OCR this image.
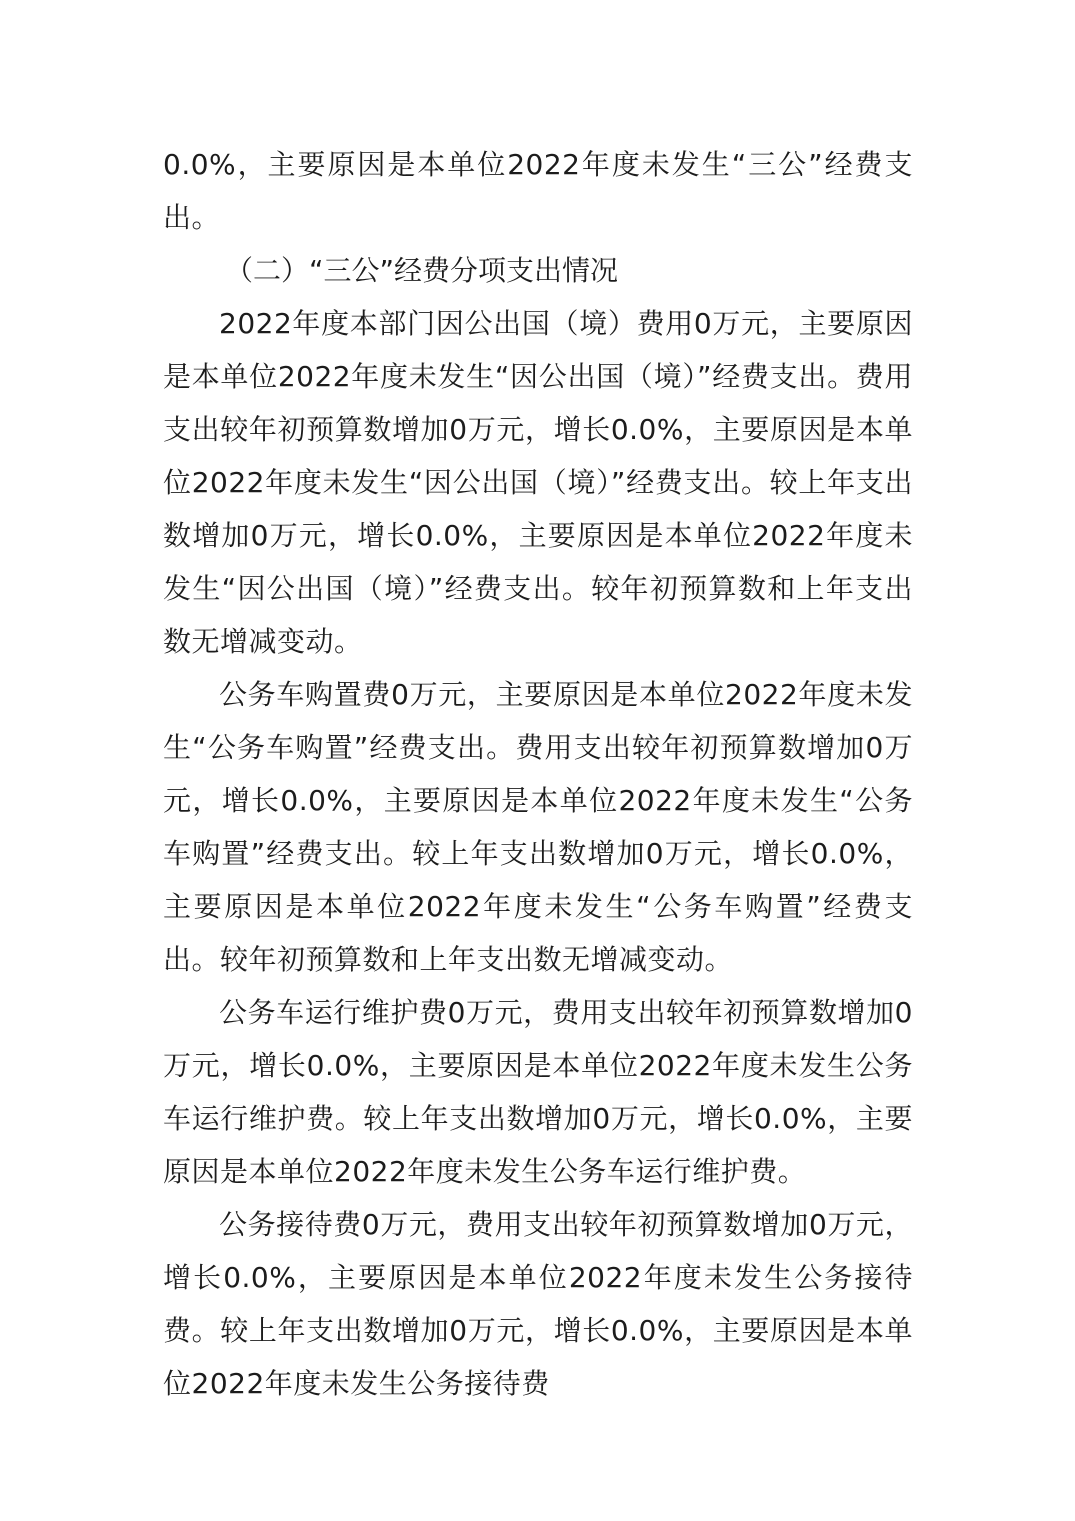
0.0%，主要原因是本单位2022年度未发生“三公”经费支出。

（二）“三公”经费分项支出情况

2022年度本部门因公出国（境）费用0万元，主要原因是本单位2022年度未发生“因公出国（境）”经费支出。费用支出较年初预算数增加0万元，增长0.0%，主要原因是本单位2022年度未发生“因公出国（境）”经费支出。较上年支出数增加0万元，增长0.0%，主要原因是本单位2022年度未发生“因公出国（境）”经费支出。较年初预算数和上年支出数无增减变动。

公务车购置费0万元，主要原因是本单位2022年度未发生“公务车购置”经费支出。费用支出较年初预算数增加0万元，增长0.0%，主要原因是本单位2022年度未发生“公务车购置”经费支出。较上年支出数增加0万元，增长0.0%，主要原因是本单位2022年度未发生“公务车购置”经费支出。较年初预算数和上年支出数无增减变动。

公务车运行维护费0万元，费用支出较年初预算数增加0万元，增长0.0%，主要原因是本单位2022年度未发生公务车运行维护费。较上年支出数增加0万元，增长0.0%，主要原因是本单位2022年度未发生公务车运行维护费。

公务接待费0万元，费用支出较年初预算数增加0万元，增长0.0%，主要原因是本单位2022年度未发生公务接待费。较上年支出数增加0万元，增长0.0%，主要原因是本单位2022年度未发生公务接待费
